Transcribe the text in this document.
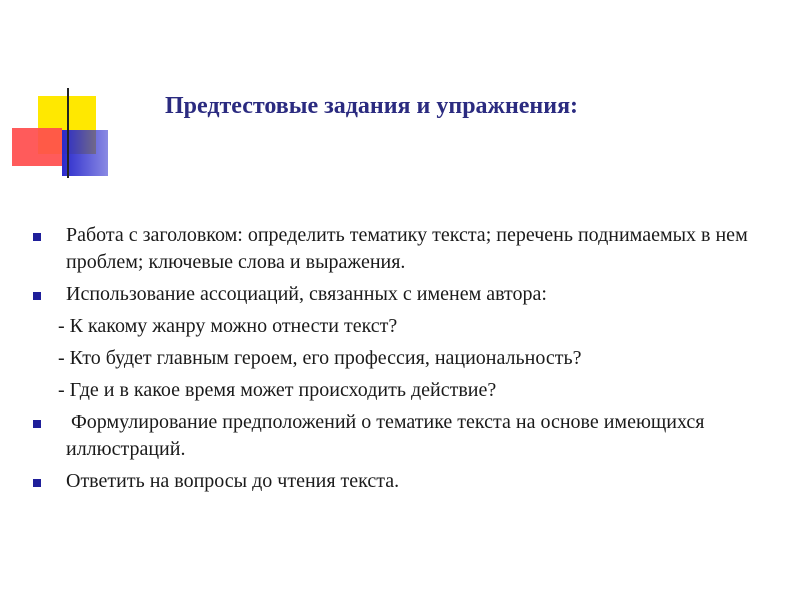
Предтестовые задания и упражнения:

Работа с заголовком: определить тематику текста; перечень поднимаемых в нем проблем; ключевые слова и выражения.

Использование ассоциаций, связанных с именем автора:

- К какому жанру можно отнести текст?

- Кто будет главным героем, его профессия, национальность?

- Где и в какое время может происходить действие?

Формулирование предположений о тематике текста на основе имеющихся иллюстраций.

Ответить на вопросы до чтения текста.
